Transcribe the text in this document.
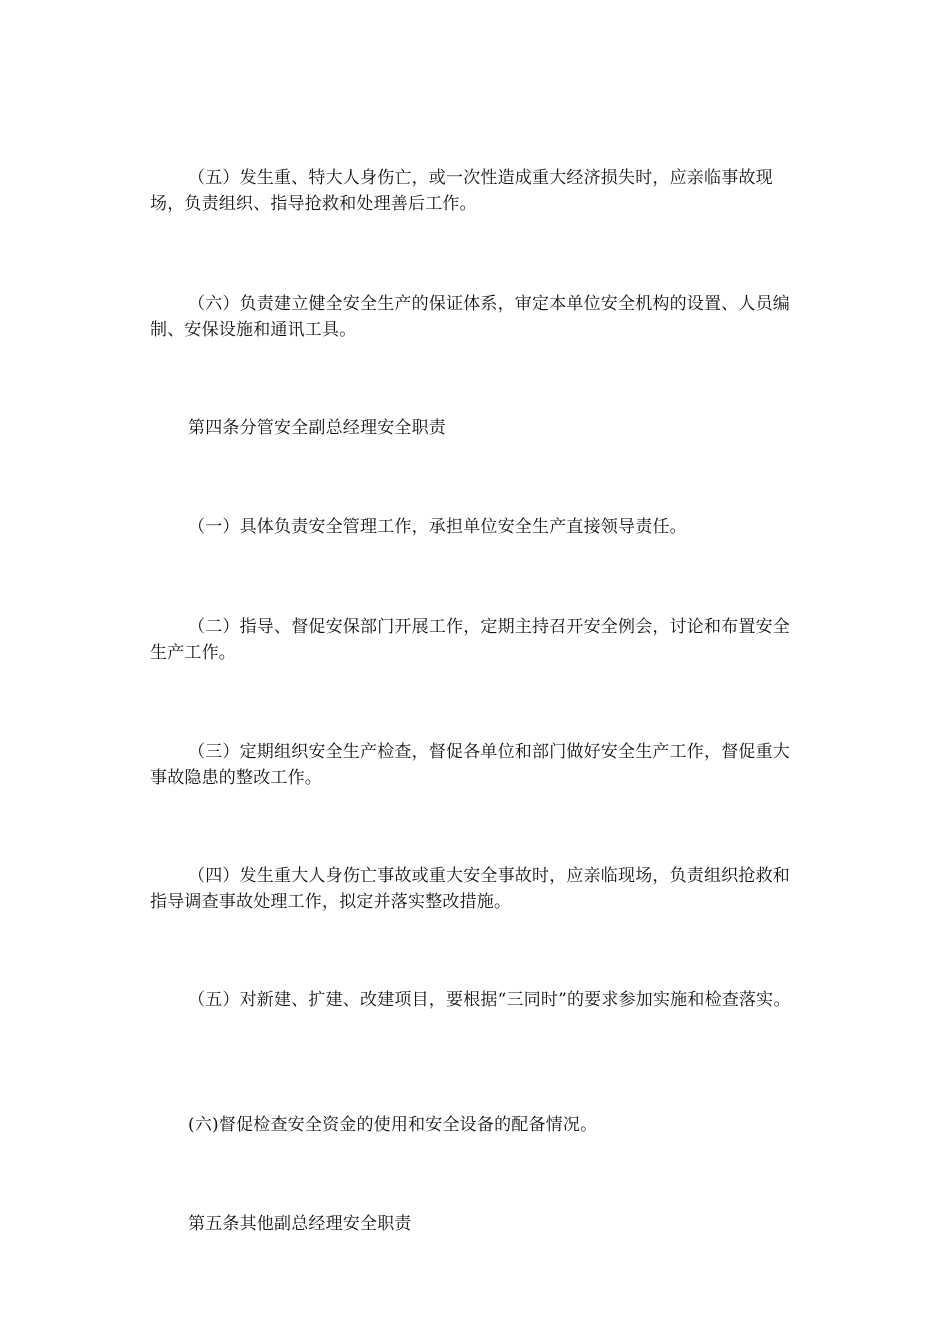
（五）发生重、特大人身伤亡，或一次性造成重大经济损失时，应亲临事故现场，负责组织、指导抢救和处理善后工作。

（六）负责建立健全安全生产的保证体系，审定本单位安全机构的设置、人员编制、安保设施和通讯工具。

第四条分管安全副总经理安全职责

（一）具体负责安全管理工作，承担单位安全生产直接领导责任。

（二）指导、督促安保部门开展工作，定期主持召开安全例会，讨论和布置安全生产工作。

（三）定期组织安全生产检查，督促各单位和部门做好安全生产工作，督促重大事故隐患的整改工作。

（四）发生重大人身伤亡事故或重大安全事故时，应亲临现场，负责组织抢救和指导调查事故处理工作，拟定并落实整改措施。

（五）对新建、扩建、改建项目，要根据“三同时”的要求参加实施和检查落实。

(六)督促检查安全资金的使用和安全设备的配备情况。

第五条其他副总经理安全职责
